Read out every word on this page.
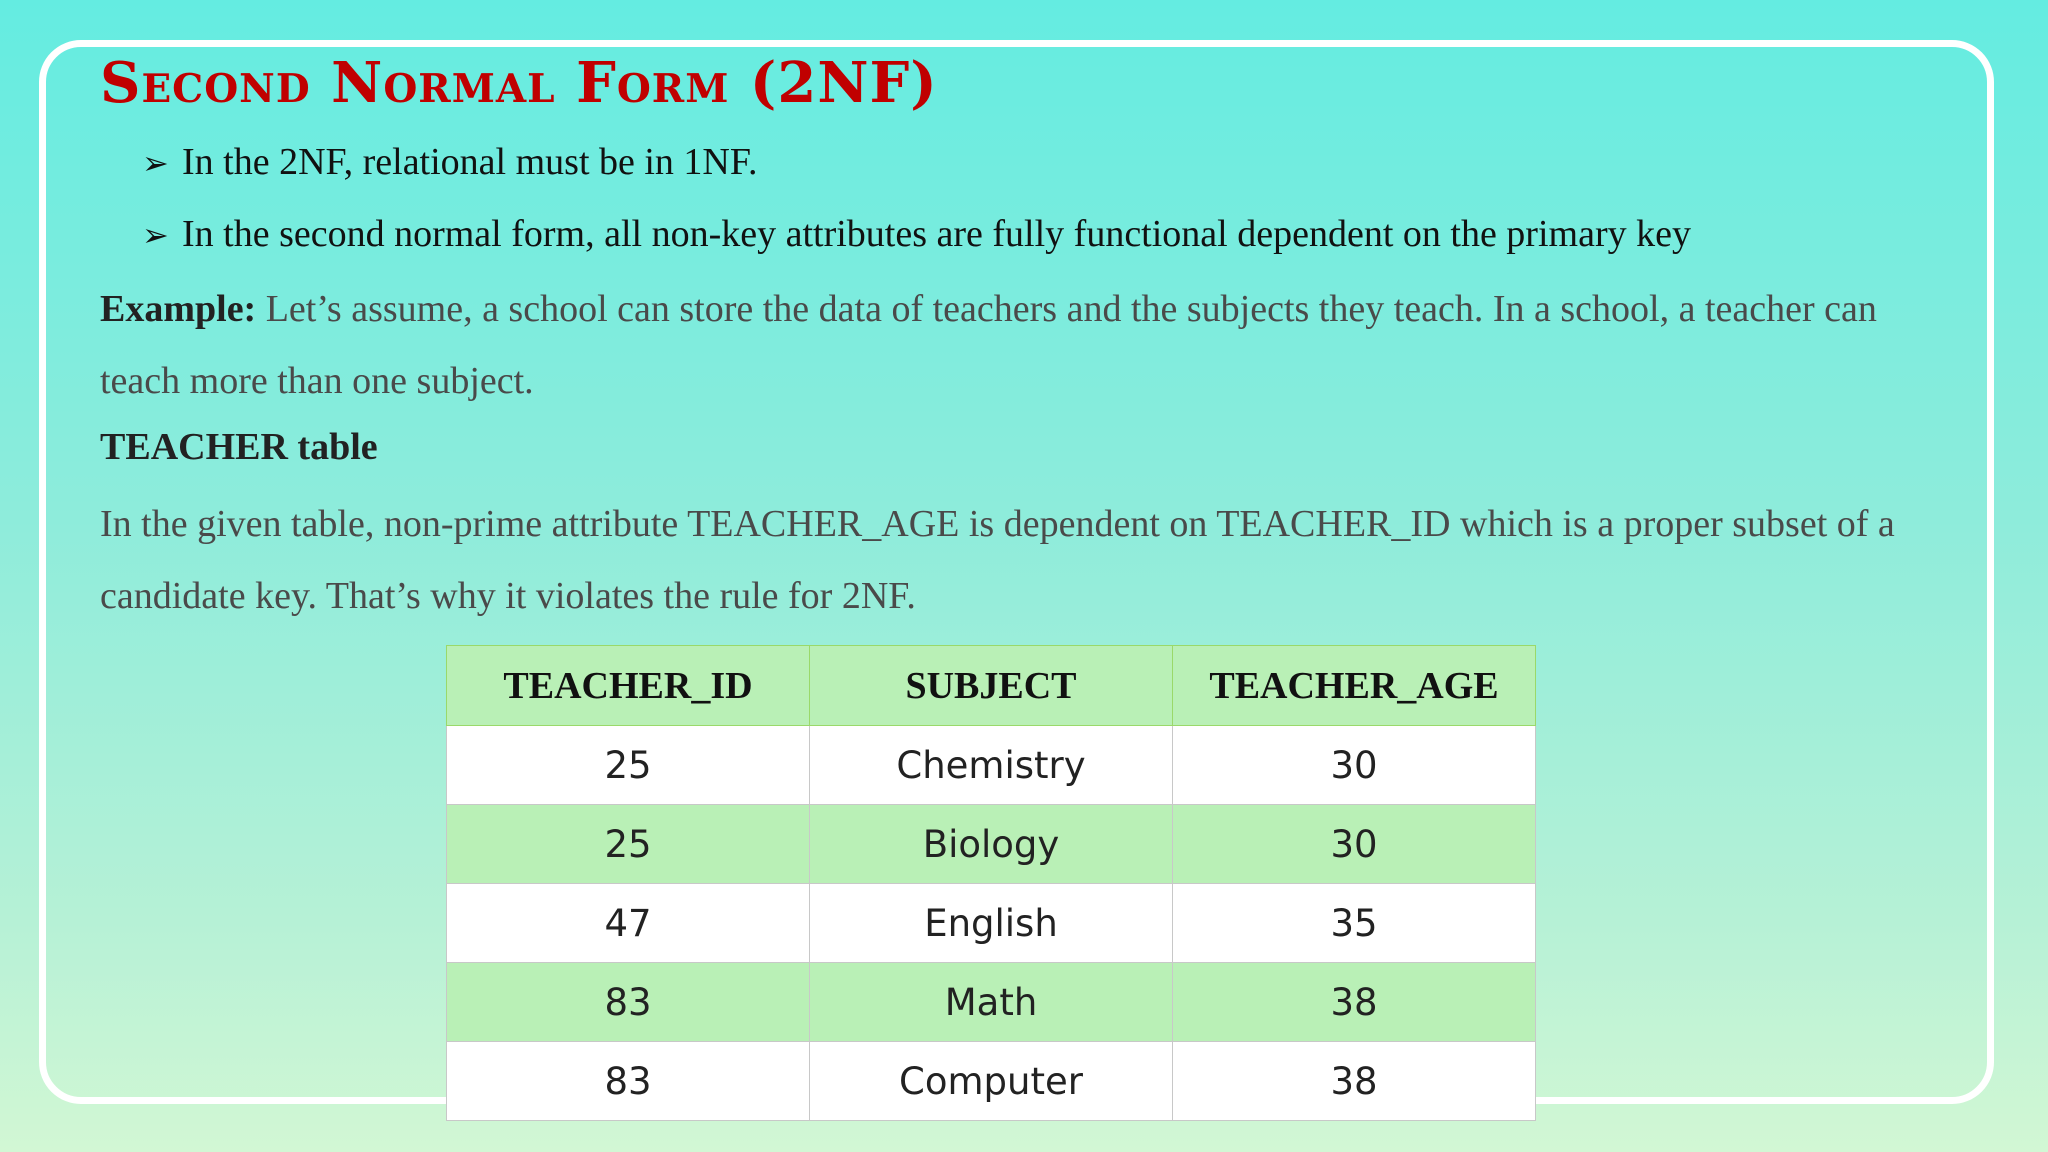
Second Normal Form (2NF)
➢ In the 2NF, relational must be in 1NF.
➢ In the second normal form, all non-key attributes are fully functional dependent on the primary key

Example: Let’s assume, a school can store the data of teachers and the subjects they teach. In a school, a teacher can teach more than one subject.

TEACHER table

In the given table, non-prime attribute TEACHER_AGE is dependent on TEACHER_ID which is a proper subset of a candidate key. That’s why it violates the rule for 2NF.

TEACHER_ID	SUBJECT	TEACHER_AGE
25	Chemistry	30
25	Biology	30
47	English	35
83	Math	38
83	Computer	38
